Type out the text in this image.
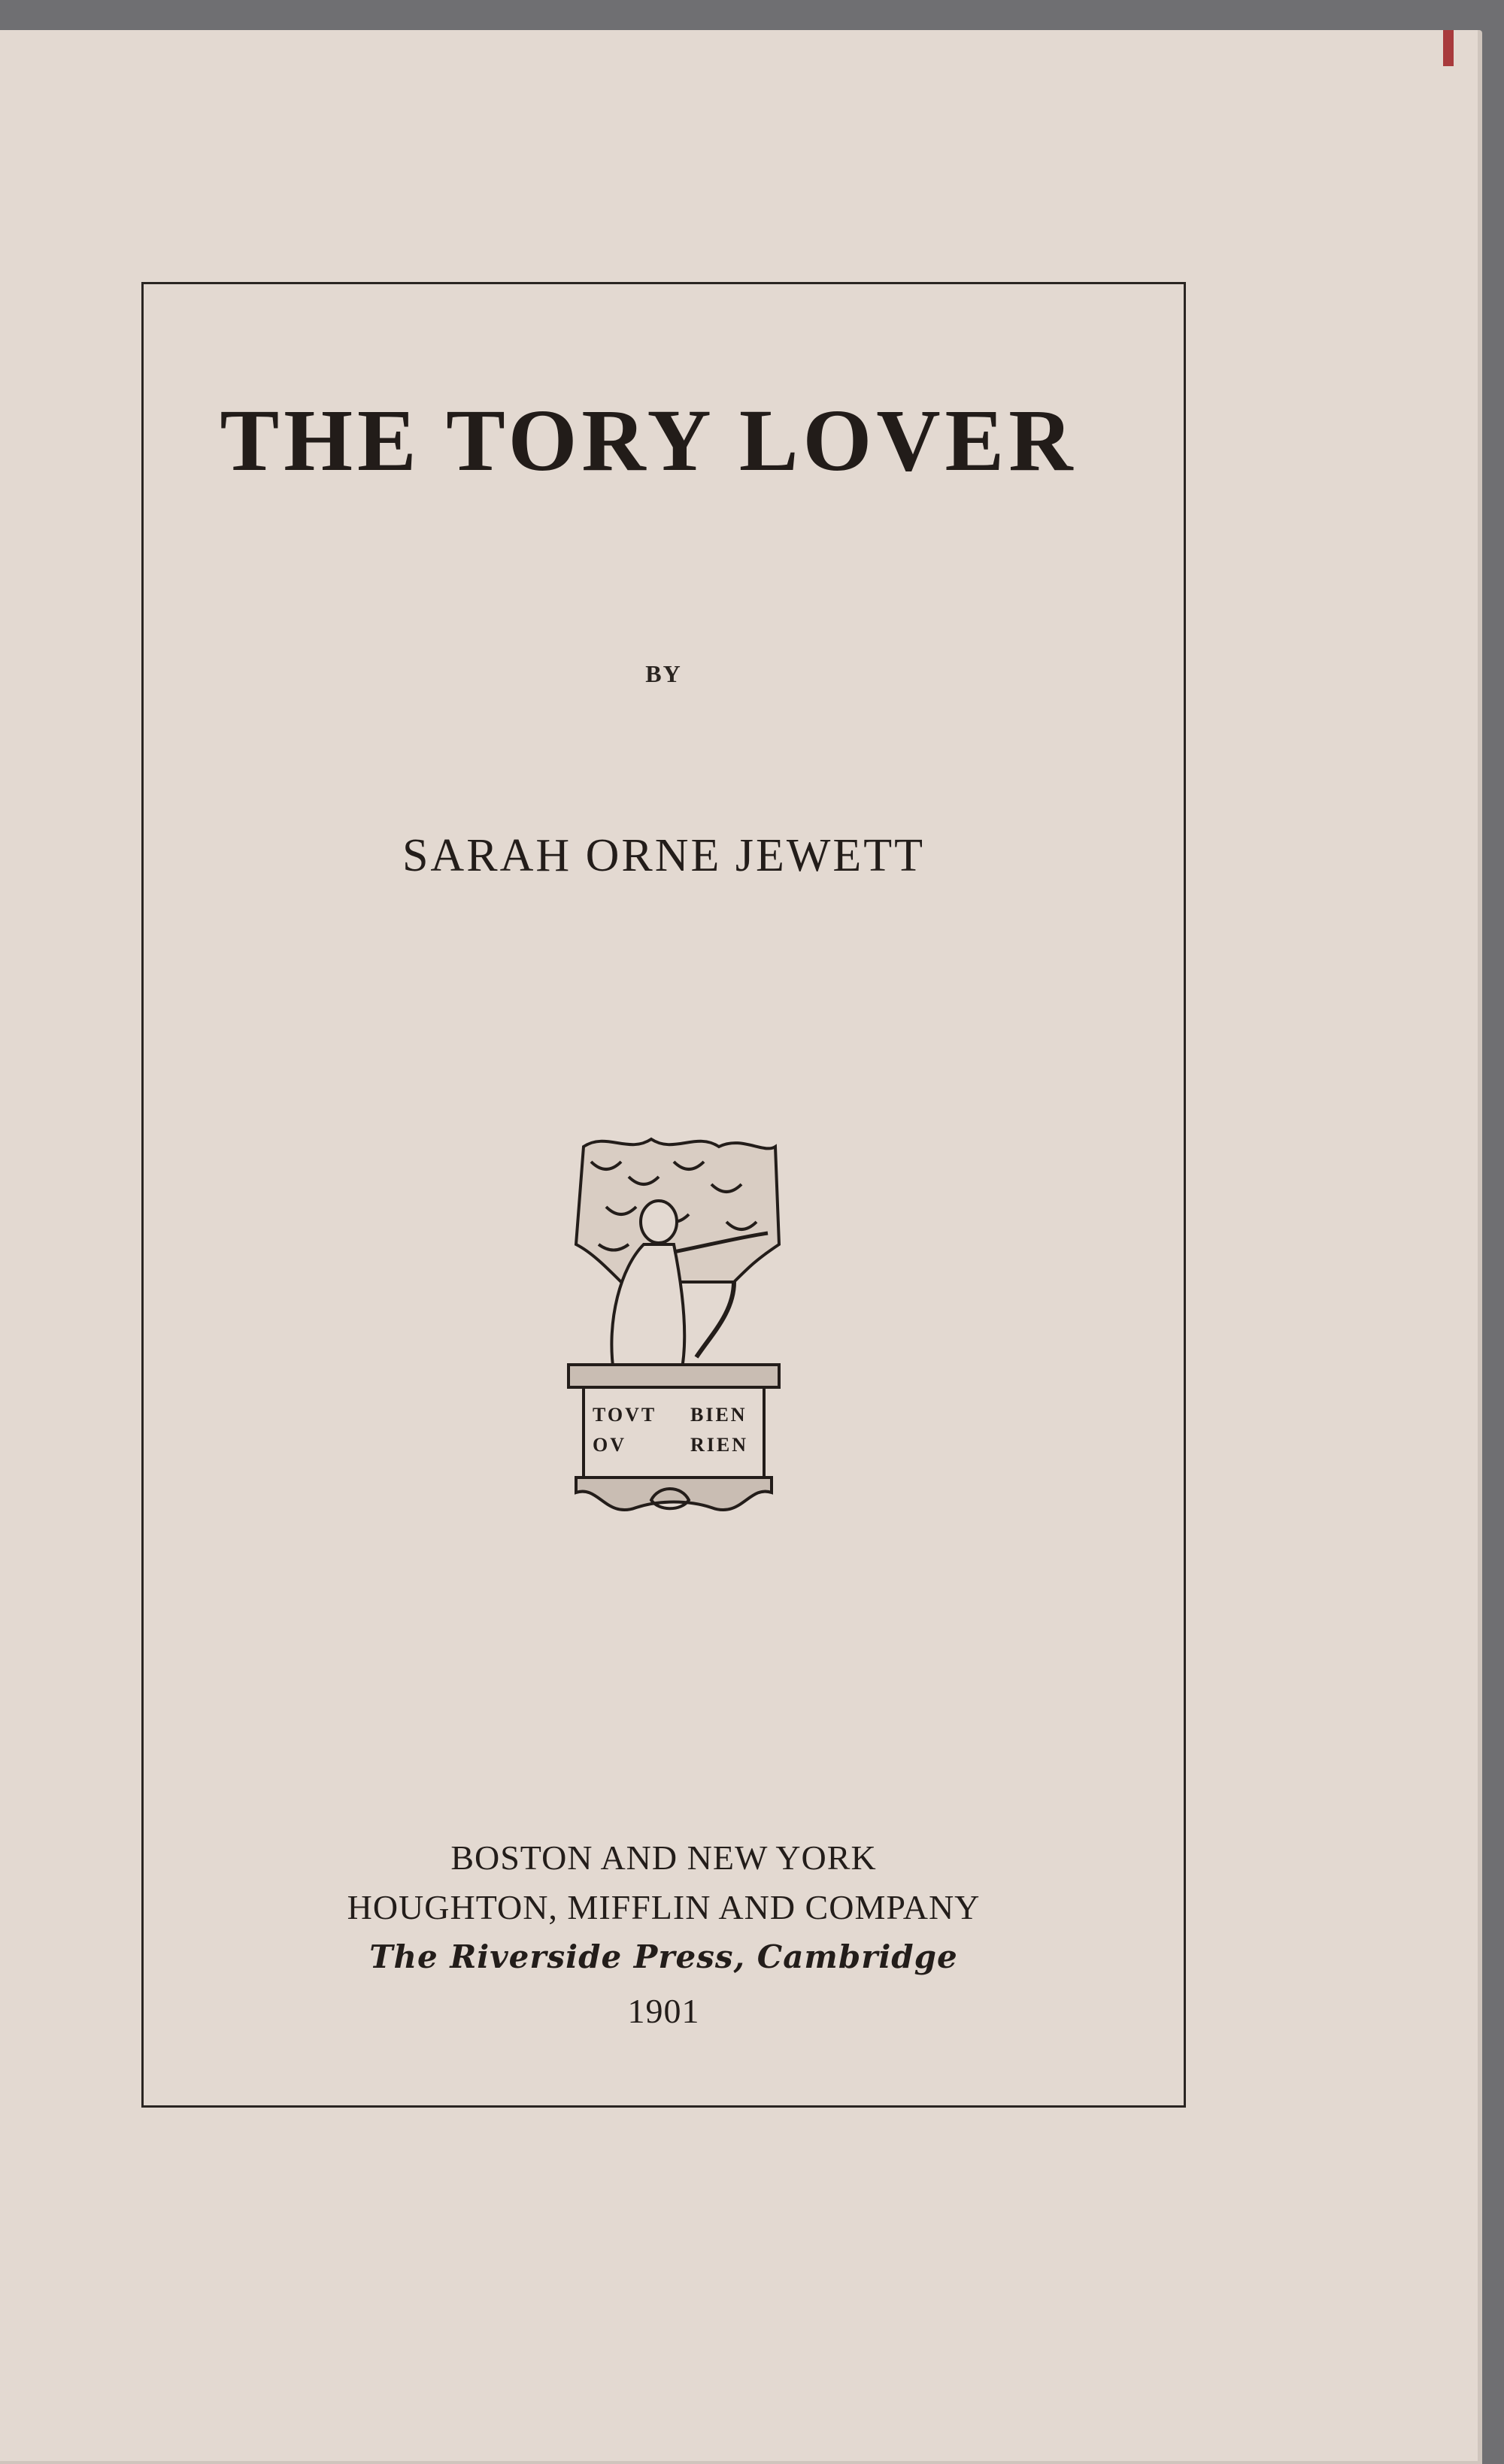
THE TORY LOVER
BY
SARAH ORNE JEWETT
TOVT
OV
BIEN
RIEN
BOSTON AND NEW YORK
HOUGHTON, MIFFLIN AND COMPANY
The Riverside Press, Cambridge
1901
